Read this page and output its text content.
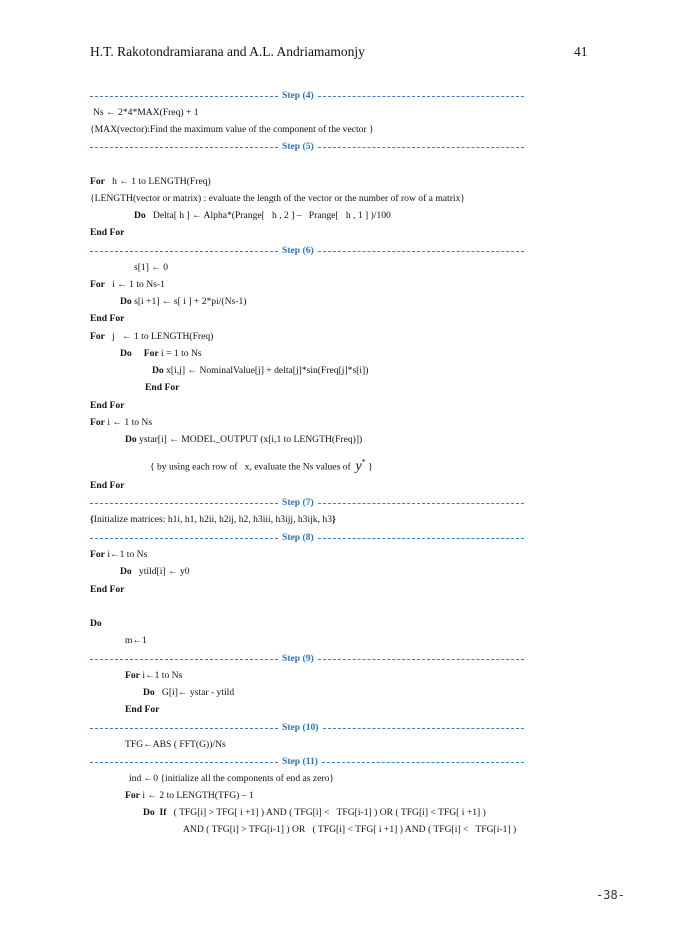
H.T. Rakotondramiarana and A.L. Andriamamonjy	41
Step (4)
Step (5)
Step (6)
Step (7)
Step (8)
Step (9)
Step (10)
Step (11)
Ns ← 2*4*MAX(Freq) + 1
{MAX(vector):Find the maximum value of the component of the vector }
For   h ← 1 to LENGTH(Freq)
{LENGTH(vector or matrix) : evaluate the length of the vector or the number of row of a matrix}
Do   Delta[ h ] ← Alpha*(Prange[   h , 2 ] –   Prange[   h , 1 ] )/100
End For
s[1] ← 0
For   i ← 1 to Ns-1
Do s[i +1] ← s[ i ] + 2*pi/(Ns-1)
End For
For   j   ← 1 to LENGTH(Freq)
Do     For i = 1 to Ns
Do x[i,j] ← NominalValue[j] + delta[j]*sin(Freq[j]*s[i])
End For
End For
For i ← 1 to Ns
Do ystar[i] ← MODEL_OUTPUT (x[i,1 to LENGTH(Freq)])
{ by using each row of   x, evaluate the Ns values of  y* }
End For
{Initialize matrices: h1i, h1, h2ii, h2ij, h2, h3iii, h3ijj, h3ijk, h3}
For i←1 to Ns
Do   ytild[i] ← y0
End For
Do
m←1
For i←1 to Ns
Do   G[i]← ystar - ytild
End For
TFG←ABS ( FFT(G))/Ns
ind ←0 {initialize all the components of end as zero}
For i ← 2 to LENGTH(TFG) – 1
Do  If   ( TFG[i] > TFG[ i +1] ) AND ( TFG[i] <   TFG[i-1] ) OR ( TFG[i] < TFG[ i +1] )
AND ( TFG[i] > TFG[i-1] ) OR   ( TFG[i] < TFG[ i +1] ) AND ( TFG[i] <   TFG[i-1] )
-38-
